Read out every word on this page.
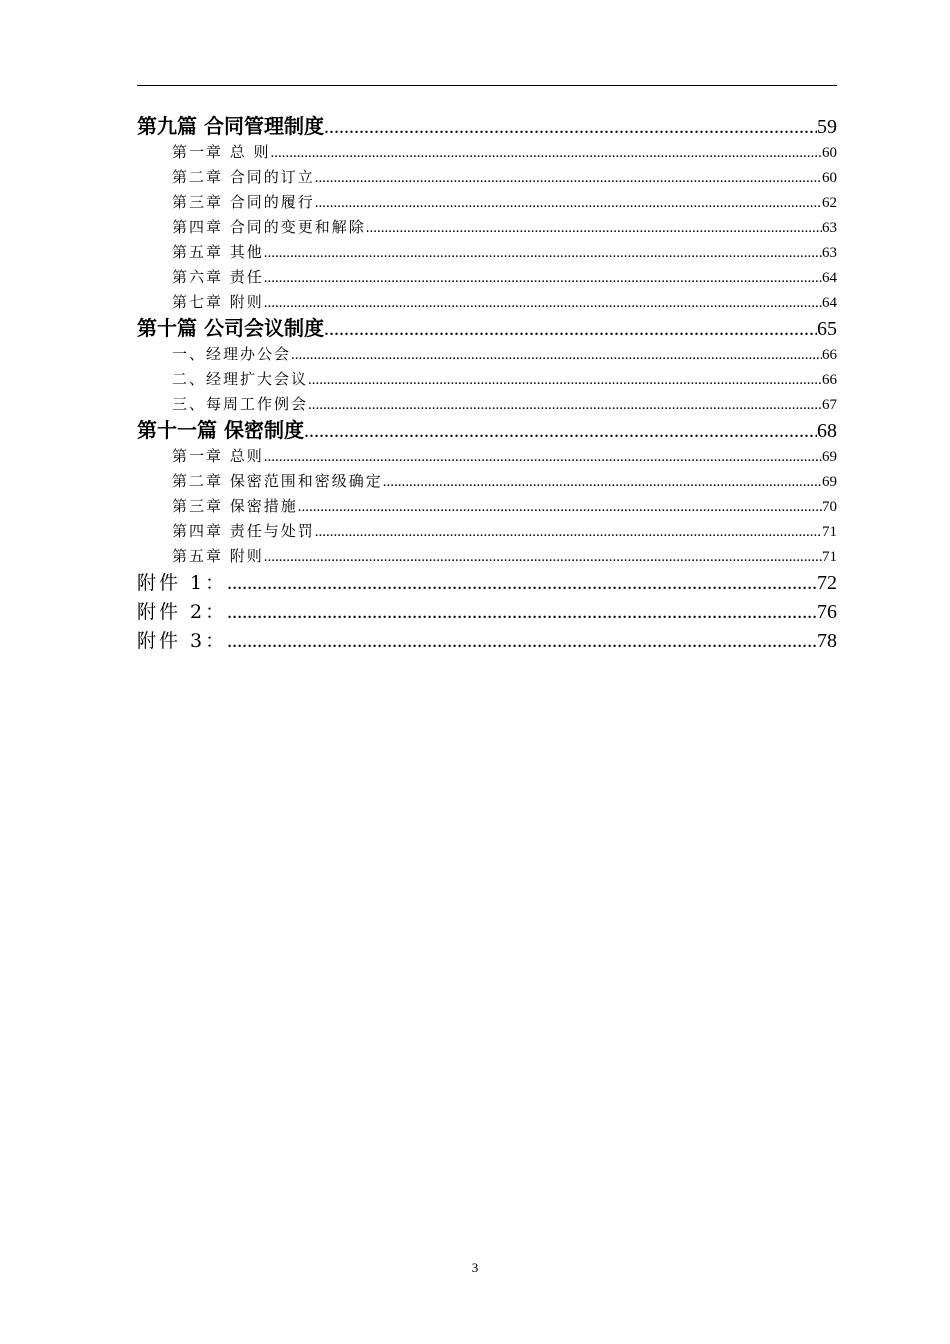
第九篇 合同管理制度 .....	59
第一章 总 则 .....	60
第二章 合同的订立 .....	60
第三章 合同的履行 .....	62
第四章 合同的变更和解除 .....	63
第五章 其他 .....	63
第六章 责任 .....	64
第七章 附则 .....	64
第十篇 公司会议制度 .....	65
一、经理办公会 .....	66
二、经理扩大会议 .....	66
三、每周工作例会 .....	67
第十一篇 保密制度 .....	68
第一章 总则 .....	69
第二章 保密范围和密级确定 .....	69
第三章 保密措施 .....	70
第四章 责任与处罚 .....	71
第五章 附则 .....	71
附件 1： .....	72
附件 2： .....	76
附件 3： .....	78
3
